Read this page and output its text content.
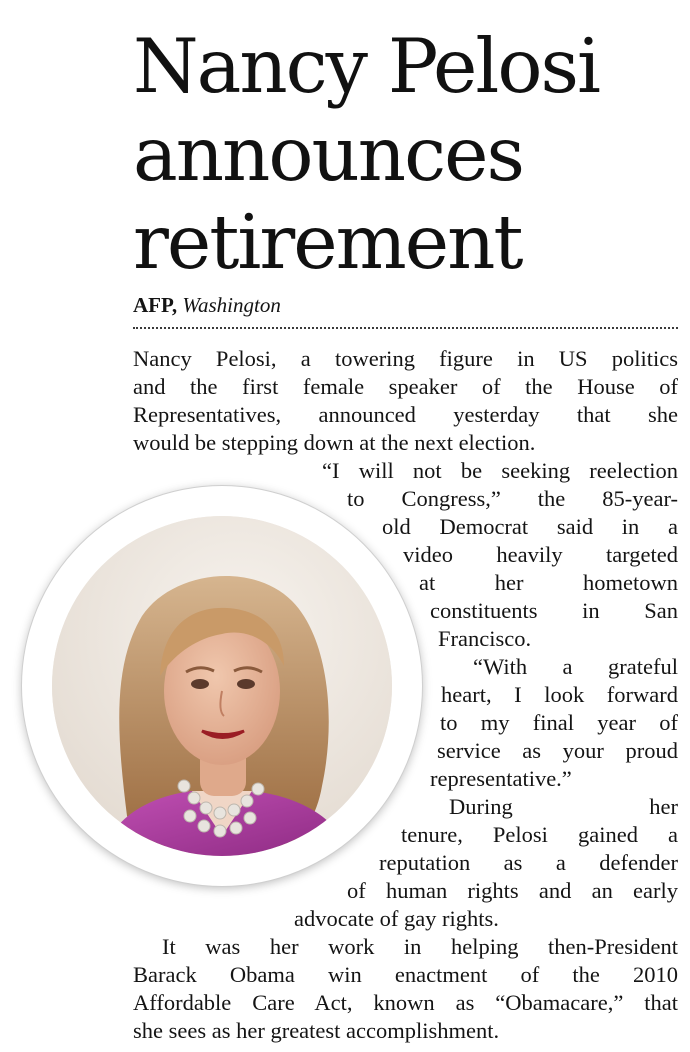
Nancy Pelosi
announces
retirement
AFP, Washington
Nancy Pelosi, a towering figure in US politics
and the first female speaker of the House of
Representatives, announced yesterday that she
would be stepping down at the next election.
“I will not be seeking reelection
to Congress,” the 85-year-
old Democrat said in a
video heavily targeted
at her hometown
constituents in San
Francisco.
“With a grateful
heart, I look forward
to my final year of
service as your proud
representative.”
During her
tenure, Pelosi gained a
reputation as a defender
of human rights and an early
advocate of gay rights.
It was her work in helping then-President
Barack Obama win enactment of the 2010
Affordable Care Act, known as “Obamacare,” that
she sees as her greatest accomplishment.
